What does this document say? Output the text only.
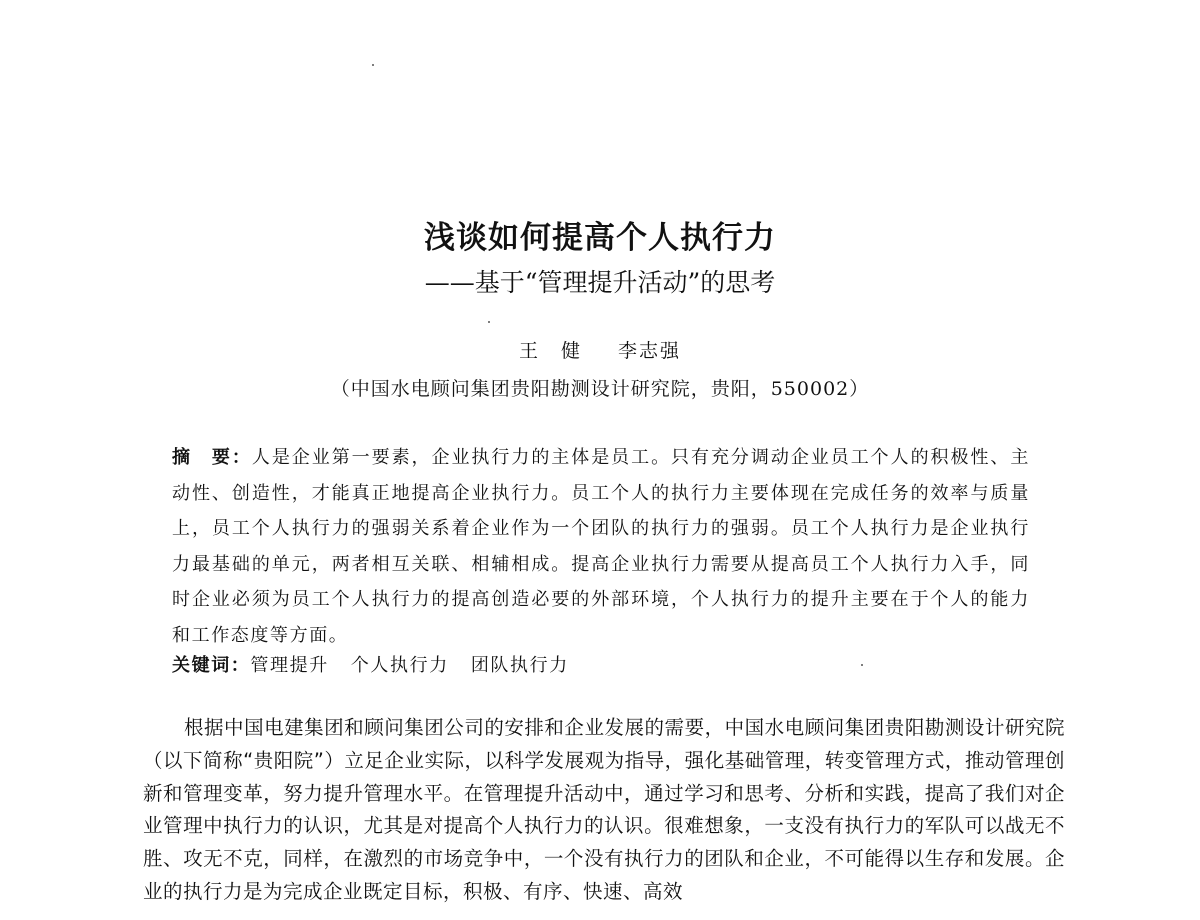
浅谈如何提高个人执行力
——基于“管理提升活动”的思考
王　健 李志强
（中国水电顾问集团贵阳勘测设计研究院，贵阳，550002）
摘　要：人是企业第一要素，企业执行力的主体是员工。只有充分调动企业员工个人的积极性、主动性、创造性，才能真正地提高企业执行力。员工个人的执行力主要体现在完成任务的效率与质量上，员工个人执行力的强弱关系着企业作为一个团队的执行力的强弱。员工个人执行力是企业执行力最基础的单元，两者相互关联、相辅相成。提高企业执行力需要从提高员工个人执行力入手，同时企业必须为员工个人执行力的提高创造必要的外部环境，个人执行力的提升主要在于个人的能力和工作态度等方面。
关键词：管理提升 个人执行力 团队执行力
根据中国电建集团和顾问集团公司的安排和企业发展的需要，中国水电顾问集团贵阳勘测设计研究院（以下简称“贵阳院”）立足企业实际，以科学发展观为指导，强化基础管理，转变管理方式，推动管理创新和管理变革，努力提升管理水平。在管理提升活动中，通过学习和思考、分析和实践，提高了我们对企业管理中执行力的认识，尤其是对提高个人执行力的认识。很难想象，一支没有执行力的军队可以战无不胜、攻无不克，同样，在激烈的市场竞争中，一个没有执行力的团队和企业，不可能得以生存和发展。企业的执行力是为完成企业既定目标，积极、有序、快速、高效
